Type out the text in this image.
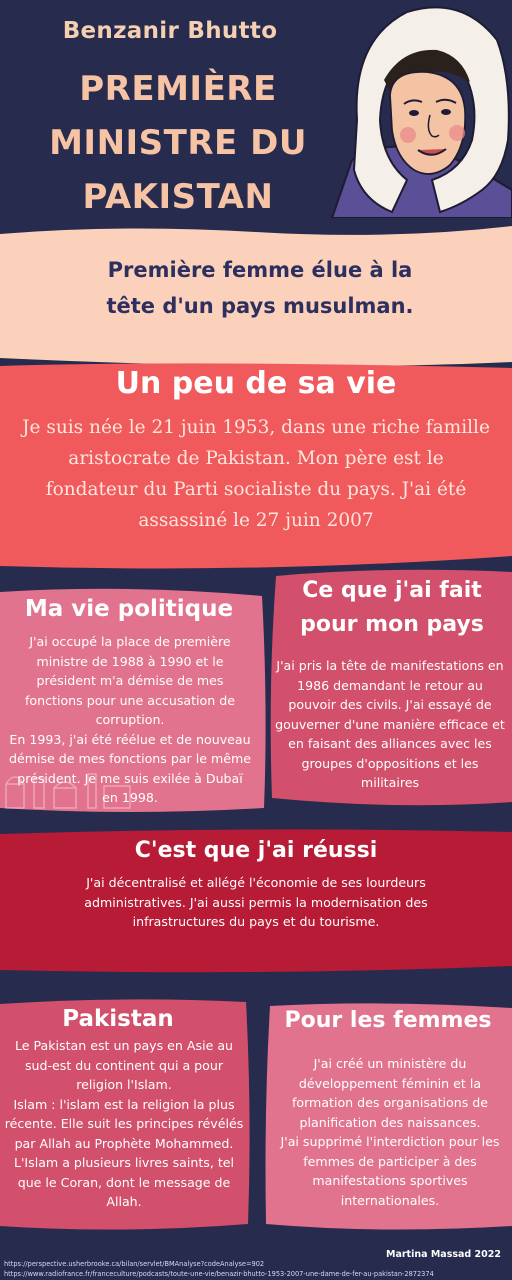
Benzanir Bhutto
PREMIÈRE
MINISTRE DU
PAKISTAN
Première femme élue à la
tête d'un pays musulman.
Un peu de sa vie
Je suis née le 21 juin 1953, dans une riche famille aristocrate de Pakistan. Mon père est le fondateur du Parti socialiste du pays. J'ai été assassiné le 27 juin 2007
Ma vie politique
J'ai occupé la place de première ministre de 1988 à 1990 et le président m'a démise de mes fonctions pour une accusation de corruption.
En 1993, j'ai été réélue et de nouveau démise de mes fonctions par le même président. Je me suis exilée à Dubaï en 1998.
Ce que j'ai fait
pour mon pays
J'ai pris la tête de manifestations en 1986 demandant le retour au pouvoir des civils. J'ai essayé de gouverner d'une manière efficace et en faisant des alliances avec les groupes d'oppositions et les militaires
C'est que j'ai réussi
J'ai décentralisé et allégé l'économie de ses lourdeurs administratives. J'ai aussi permis la modernisation des infrastructures du pays et du tourisme.
Pakistan
Le Pakistan est un pays en Asie au sud-est du continent qui a pour religion l'Islam.
Islam : l'islam est la religion la plus récente. Elle suit les principes révélés par Allah au Prophète Mohammed. L'Islam a plusieurs livres saints, tel que le Coran, dont le message de Allah.
Pour les femmes
J'ai créé un ministère du développement féminin et la formation des organisations de planification des naissances.
J'ai supprimé l'interdiction pour les femmes de participer à des manifestations sportives internationales.
Martina Massad 2022
https://perspective.usherbrooke.ca/bilan/servlet/BMAnalyse?codeAnalyse=902
https://www.radiofrance.fr/franceculture/podcasts/toute-une-vie/benazir-bhutto-1953-2007-une-dame-de-fer-au-pakistan-2872374
